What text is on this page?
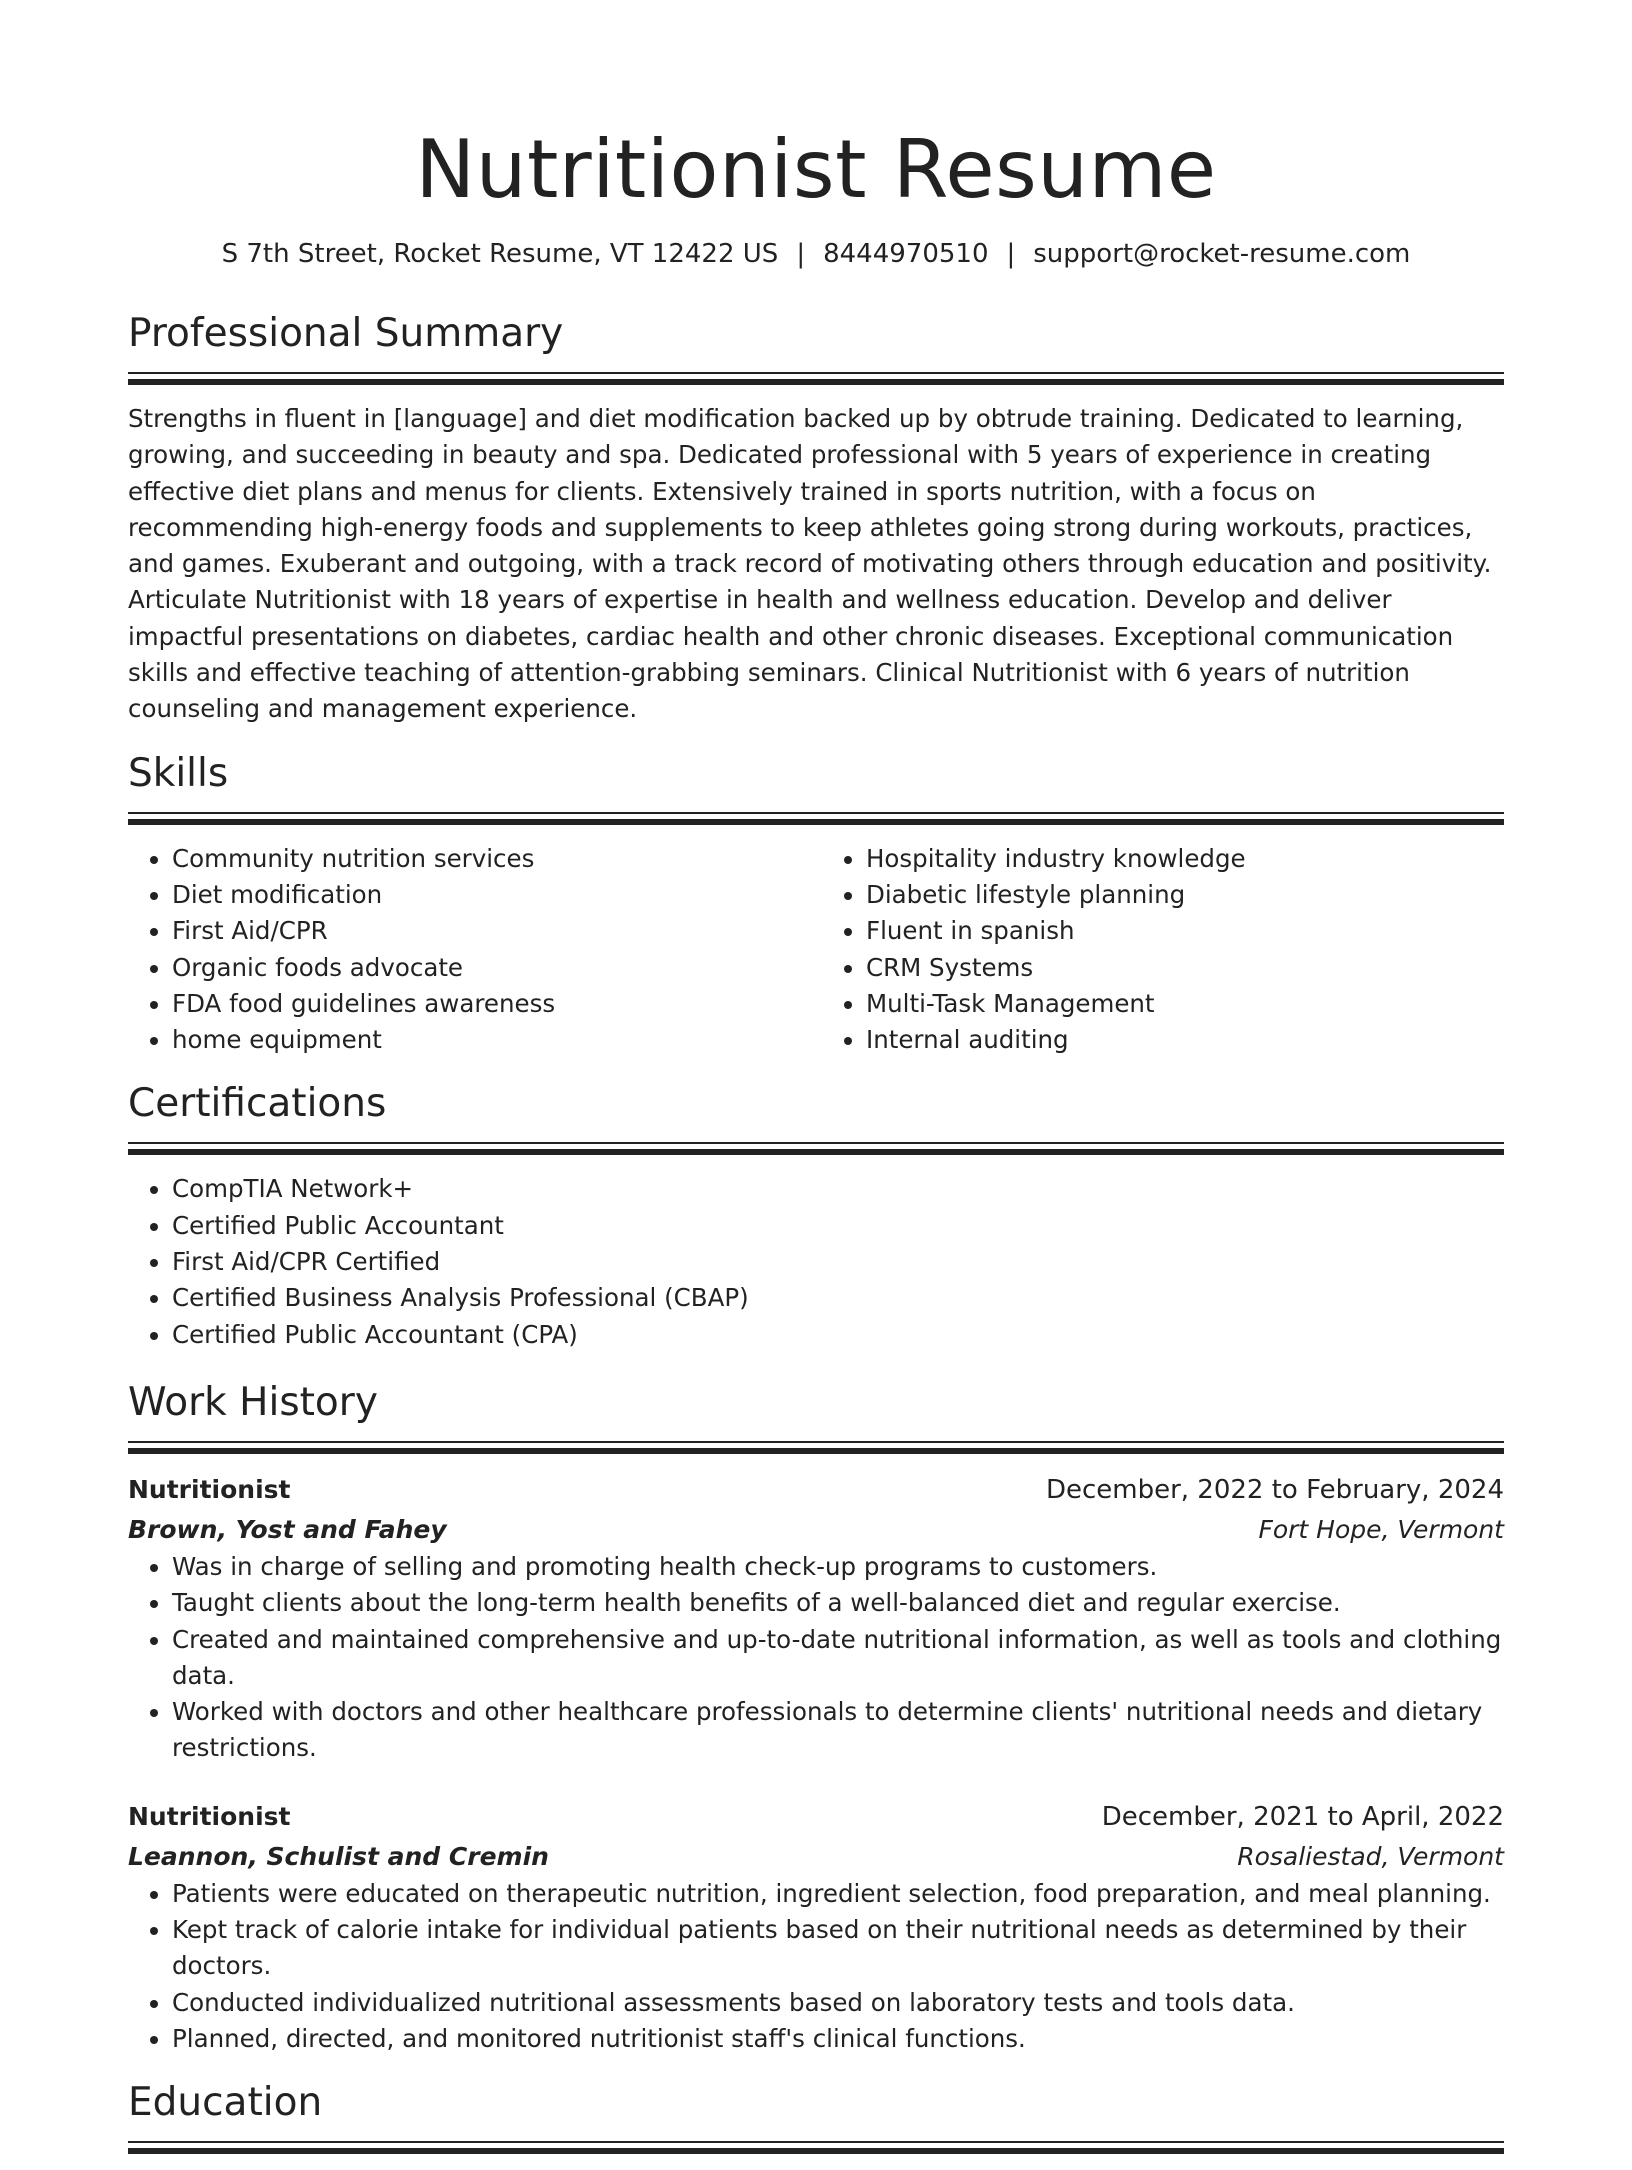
Nutritionist Resume
S 7th Street, Rocket Resume, VT 12422 US | 8444970510 | support@rocket-resume.com
Professional Summary

Strengths in fluent in [language] and diet modification backed up by obtrude training. Dedicated to learning, growing, and succeeding in beauty and spa. Dedicated professional with 5 years of experience in creating effective diet plans and menus for clients. Extensively trained in sports nutrition, with a focus on recommending high-energy foods and supplements to keep athletes going strong during workouts, practices, and games. Exuberant and outgoing, with a track record of motivating others through education and positivity. Articulate Nutritionist with 18 years of expertise in health and wellness education. Develop and deliver impactful presentations on diabetes, cardiac health and other chronic diseases. Exceptional communication skills and effective teaching of attention-grabbing seminars. Clinical Nutritionist with 6 years of nutrition counseling and management experience.

Skills
• Community nutrition services
• Diet modification
• First Aid/CPR
• Organic foods advocate
• FDA food guidelines awareness
• home equipment
• Hospitality industry knowledge
• Diabetic lifestyle planning
• Fluent in spanish
• CRM Systems
• Multi-Task Management
• Internal auditing
Certifications
• CompTIA Network+
• Certified Public Accountant
• First Aid/CPR Certified
• Certified Business Analysis Professional (CBAP)
• Certified Public Accountant (CPA)
Work History
Nutritionist	December, 2022 to February, 2024
Brown, Yost and Fahey	Fort Hope, Vermont
• Was in charge of selling and promoting health check-up programs to customers.
• Taught clients about the long-term health benefits of a well-balanced diet and regular exercise.
• Created and maintained comprehensive and up-to-date nutritional information, as well as tools and clothing data.
• Worked with doctors and other healthcare professionals to determine clients' nutritional needs and dietary restrictions.
Nutritionist	December, 2021 to April, 2022
Leannon, Schulist and Cremin	Rosaliestad, Vermont
• Patients were educated on therapeutic nutrition, ingredient selection, food preparation, and meal planning.
• Kept track of calorie intake for individual patients based on their nutritional needs as determined by their doctors.
• Conducted individualized nutritional assessments based on laboratory tests and tools data.
• Planned, directed, and monitored nutritionist staff's clinical functions.
Education
